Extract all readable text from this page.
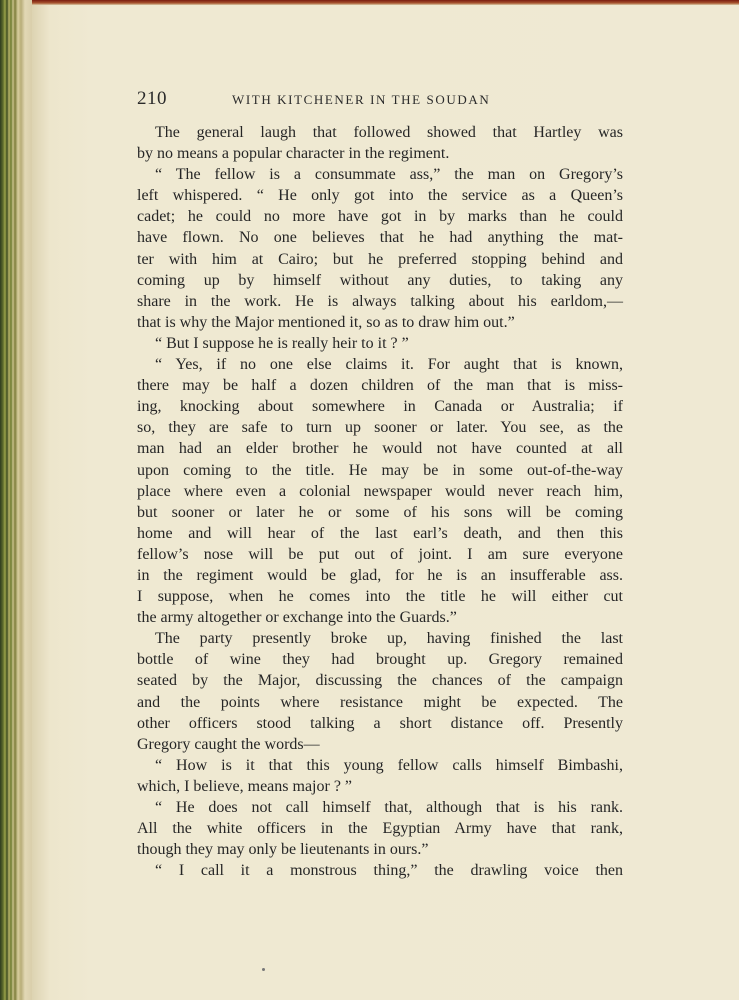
210	WITH KITCHENER IN THE SOUDAN
The general laugh that followed showed that Hartley was
by no means a popular character in the regiment.
“ The fellow is a consummate ass,” the man on Gregory’s
left whispered. “ He only got into the service as a Queen’s
cadet; he could no more have got in by marks than he could
have flown. No one believes that he had anything the mat-
ter with him at Cairo; but he preferred stopping behind and
coming up by himself without any duties, to taking any
share in the work. He is always talking about his earldom,—
that is why the Major mentioned it, so as to draw him out.”
“ But I suppose he is really heir to it ? ”
“ Yes, if no one else claims it. For aught that is known,
there may be half a dozen children of the man that is miss-
ing, knocking about somewhere in Canada or Australia; if
so, they are safe to turn up sooner or later. You see, as the
man had an elder brother he would not have counted at all
upon coming to the title. He may be in some out-of-the-way
place where even a colonial newspaper would never reach him,
but sooner or later he or some of his sons will be coming
home and will hear of the last earl’s death, and then this
fellow’s nose will be put out of joint. I am sure everyone
in the regiment would be glad, for he is an insufferable ass.
I suppose, when he comes into the title he will either cut
the army altogether or exchange into the Guards.”
The party presently broke up, having finished the last
bottle of wine they had brought up. Gregory remained
seated by the Major, discussing the chances of the campaign
and the points where resistance might be expected. The
other officers stood talking a short distance off. Presently
Gregory caught the words—
“ How is it that this young fellow calls himself Bimbashi,
which, I believe, means major ? ”
“ He does not call himself that, although that is his rank.
All the white officers in the Egyptian Army have that rank,
though they may only be lieutenants in ours.”
“ I call it a monstrous thing,” the drawling voice then
